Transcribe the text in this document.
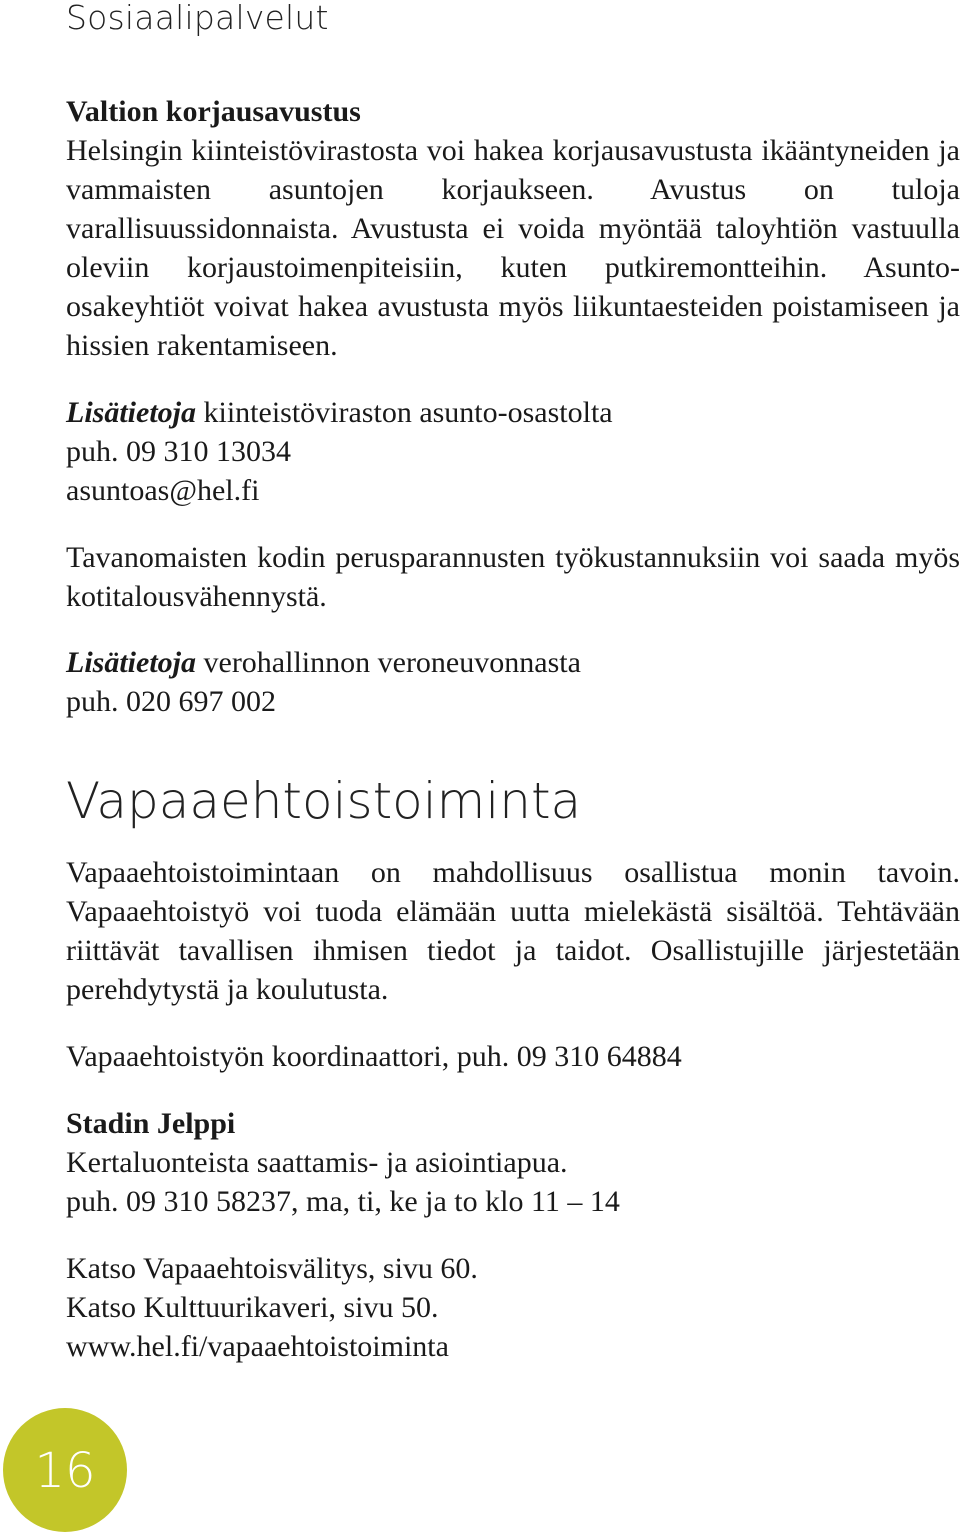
Sosiaalipalvelut

Valtion korjausavustus

Helsingin kiinteistövirastosta voi hakea korjausavustusta ikääntyneiden ja vammaisten asuntojen korjaukseen. Avustus on tuloja varallisuussidonnaista. Avustusta ei voida myöntää taloyhtiön vastuulla oleviin korjaustoimenpiteisiin, kuten putkiremontteihin. Asunto-osakeyhtiöt voivat hakea avustusta myös liikuntaesteiden poistamiseen ja hissien rakentamiseen.

Lisätietoja kiinteistöviraston asunto-osastolta

puh. 09 310 13034

asuntoas@hel.fi

Tavanomaisten kodin perusparannusten työkustannuksiin voi saada myös kotitalousvähennystä.

Lisätietoja verohallinnon veroneuvonnasta

puh. 020 697 002

Vapaaehtoistoiminta

Vapaaehtoistoimintaan on mahdollisuus osallistua monin tavoin. Vapaaehtoistyö voi tuoda elämään uutta mielekästä sisältöä. Tehtävään riittävät tavallisen ihmisen tiedot ja taidot. Osallistujille järjestetään perehdytystä ja koulutusta.

Vapaaehtoistyön koordinaattori, puh. 09 310 64884

Stadin Jelppi

Kertaluonteista saattamis- ja asiointiapua.

puh. 09 310 58237, ma, ti, ke ja to klo 11 – 14

Katso Vapaaehtoisvälitys, sivu 60.

Katso Kulttuurikaveri, sivu 50.

www.hel.fi/vapaaehtoistoiminta

16
